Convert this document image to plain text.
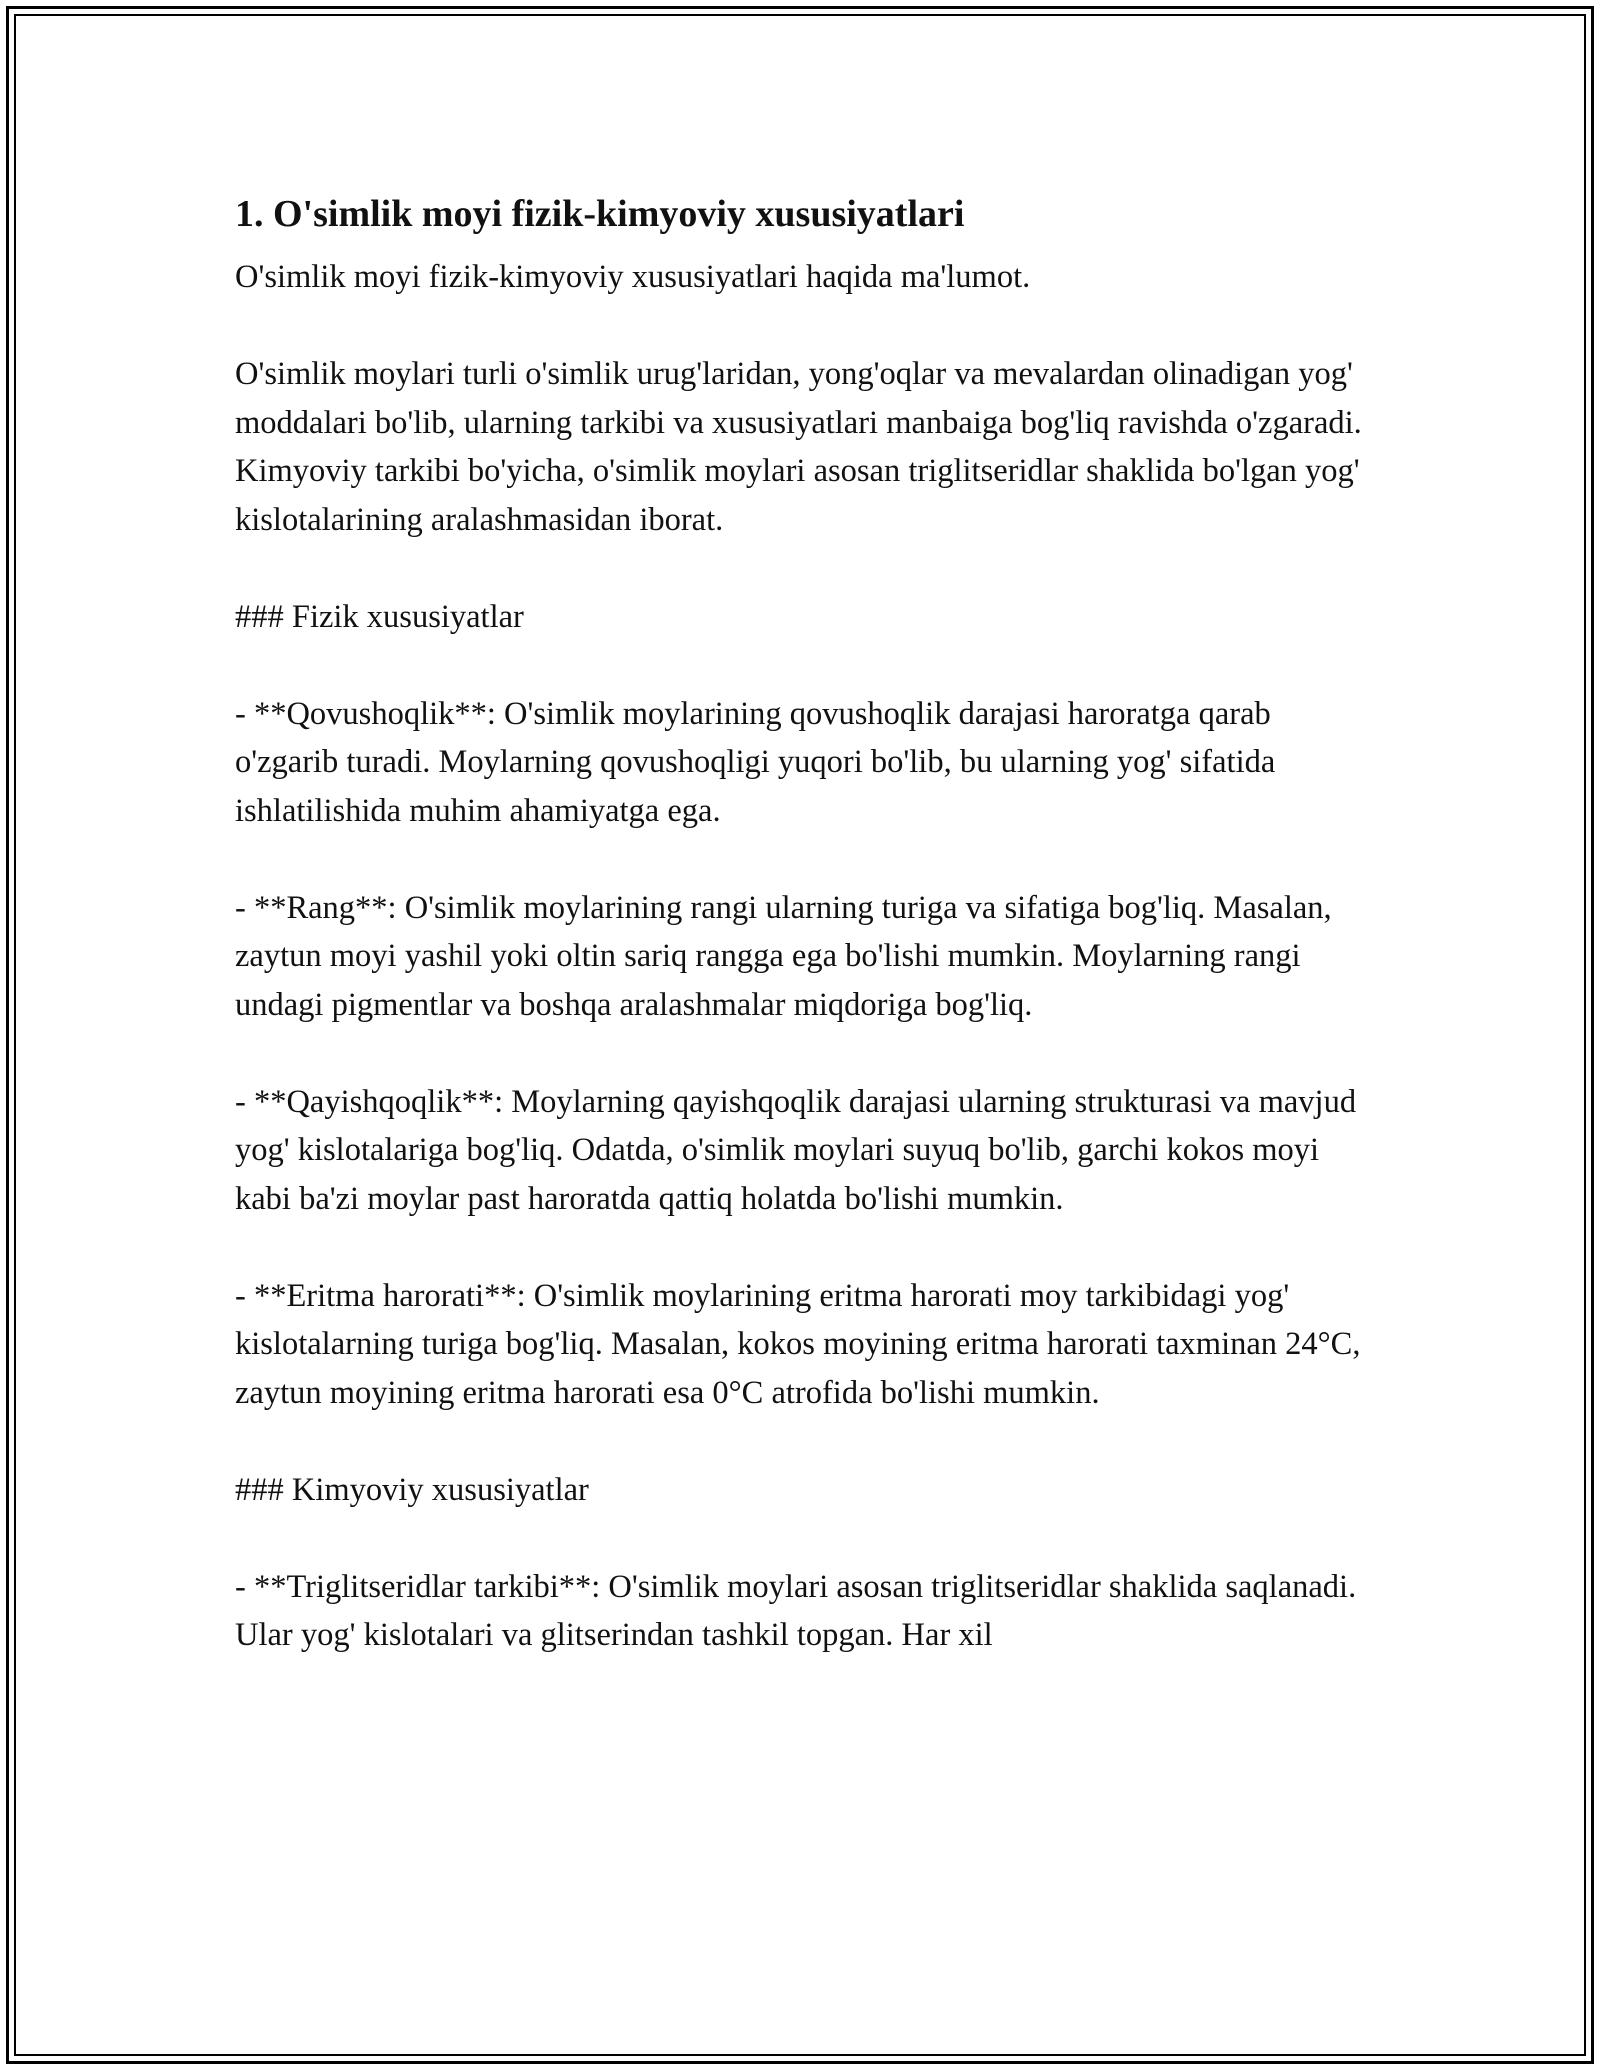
1. O'simlik moyi fizik-kimyoviy xususiyatlari

O'simlik moyi fizik-kimyoviy xususiyatlari haqida ma'lumot.

O'simlik moylari turli o'simlik urug'laridan, yong'oqlar va mevalardan olinadigan yog' moddalari bo'lib, ularning tarkibi va xususiyatlari manbaiga bog'liq ravishda o'zgaradi. Kimyoviy tarkibi bo'yicha, o'simlik moylari asosan triglitseridlar shaklida bo'lgan yog' kislotalarining aralashmasidan iborat.

### Fizik xususiyatlar

- **Qovushoqlik**: O'simlik moylarining qovushoqlik darajasi haroratga qarab o'zgarib turadi. Moylarning qovushoqligi yuqori bo'lib, bu ularning yog' sifatida ishlatilishida muhim ahamiyatga ega.

- **Rang**: O'simlik moylarining rangi ularning turiga va sifatiga bog'liq. Masalan, zaytun moyi yashil yoki oltin sariq rangga ega bo'lishi mumkin. Moylarning rangi undagi pigmentlar va boshqa aralashmalar miqdoriga bog'liq.

- **Qayishqoqlik**: Moylarning qayishqoqlik darajasi ularning strukturasi va mavjud yog' kislotalariga bog'liq. Odatda, o'simlik moylari suyuq bo'lib, garchi kokos moyi kabi ba'zi moylar past haroratda qattiq holatda bo'lishi mumkin.

- **Eritma harorati**: O'simlik moylarining eritma harorati moy tarkibidagi yog' kislotalarning turiga bog'liq. Masalan, kokos moyining eritma harorati taxminan 24°C, zaytun moyining eritma harorati esa 0°C atrofida bo'lishi mumkin.

### Kimyoviy xususiyatlar

- **Triglitseridlar tarkibi**: O'simlik moylari asosan triglitseridlar shaklida saqlanadi. Ular yog' kislotalari va glitserindan tashkil topgan. Har xil
